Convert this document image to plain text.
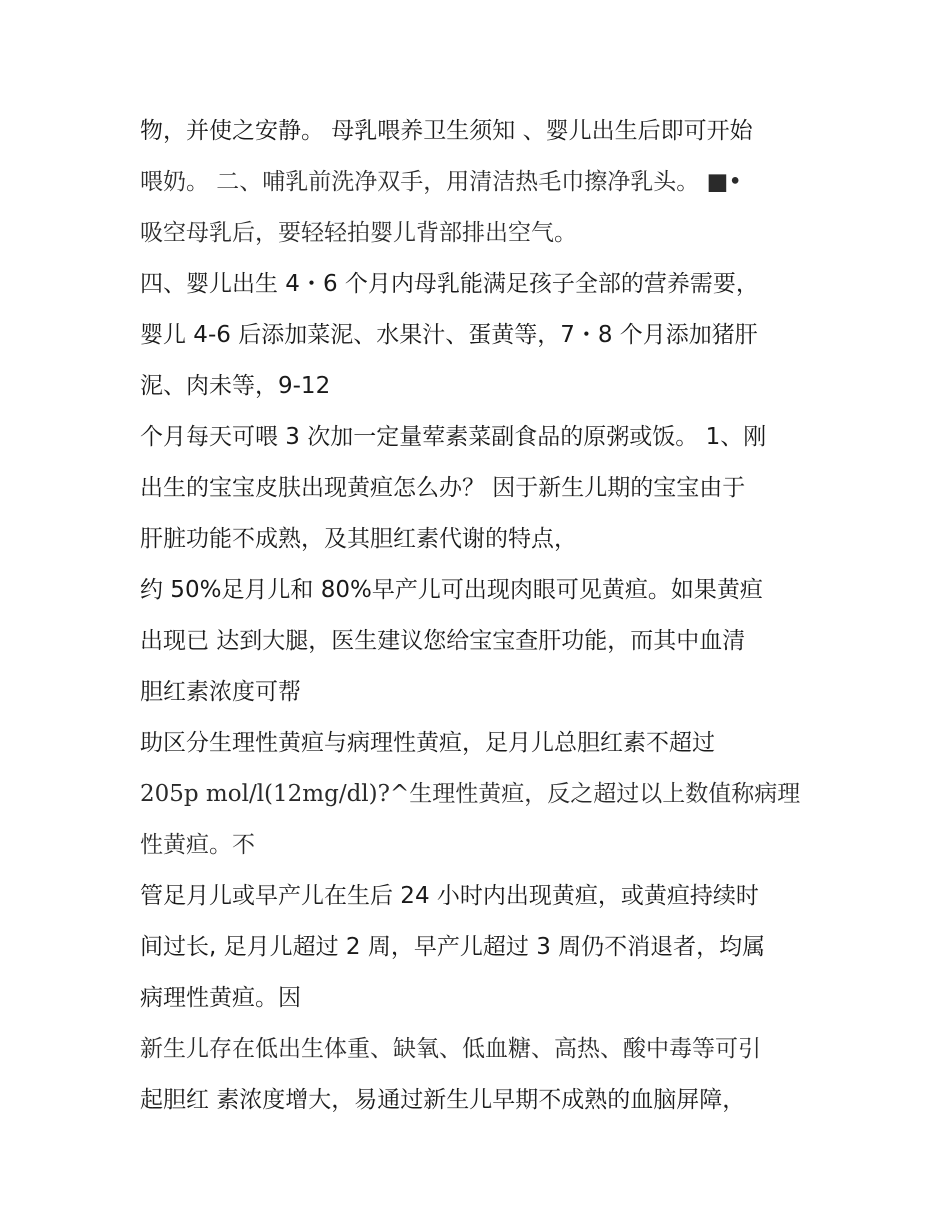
物，并使之安静。 母乳喂养卫生须知 、婴儿出生后即可开始
喂奶。 二、哺乳前洗净双手，用清洁热毛巾擦净乳头。 ■•
吸空母乳后，要轻轻拍婴儿背部排出空气。
四、婴儿出生 4・6 个月内母乳能满足孩子全部的营养需要，
婴儿 4-6 后添加菜泥、水果汁、蛋黄等，7・8 个月添加猪肝
泥、肉未等，9-12
个月每天可喂 3 次加一定量荤素菜副食品的原粥或饭。 1、刚
出生的宝宝皮肤出现黄疸怎么办？ 因于新生儿期的宝宝由于
肝脏功能不成熟，及其胆红素代谢的特点，
约 50%足月儿和 80%早产儿可出现肉眼可见黄疸。如果黄疸
出现已 达到大腿，医生建议您给宝宝查肝功能，而其中血清
胆红素浓度可帮
助区分生理性黄疸与病理性黄疸，足月儿总胆红素不超过
205p mol/l(12mg/dl)?^生理性黄疸，反之超过以上数值称病理
性黄疸。不
管足月儿或早产儿在生后 24 小时内出现黄疸，或黄疸持续时
间过长, 足月儿超过 2 周，早产儿超过 3 周仍不消退者，均属
病理性黄疸。因
新生儿存在低出生体重、缺氧、低血糖、高热、酸中毒等可引
起胆红 素浓度增大，易通过新生儿早期不成熟的血脑屏障，
